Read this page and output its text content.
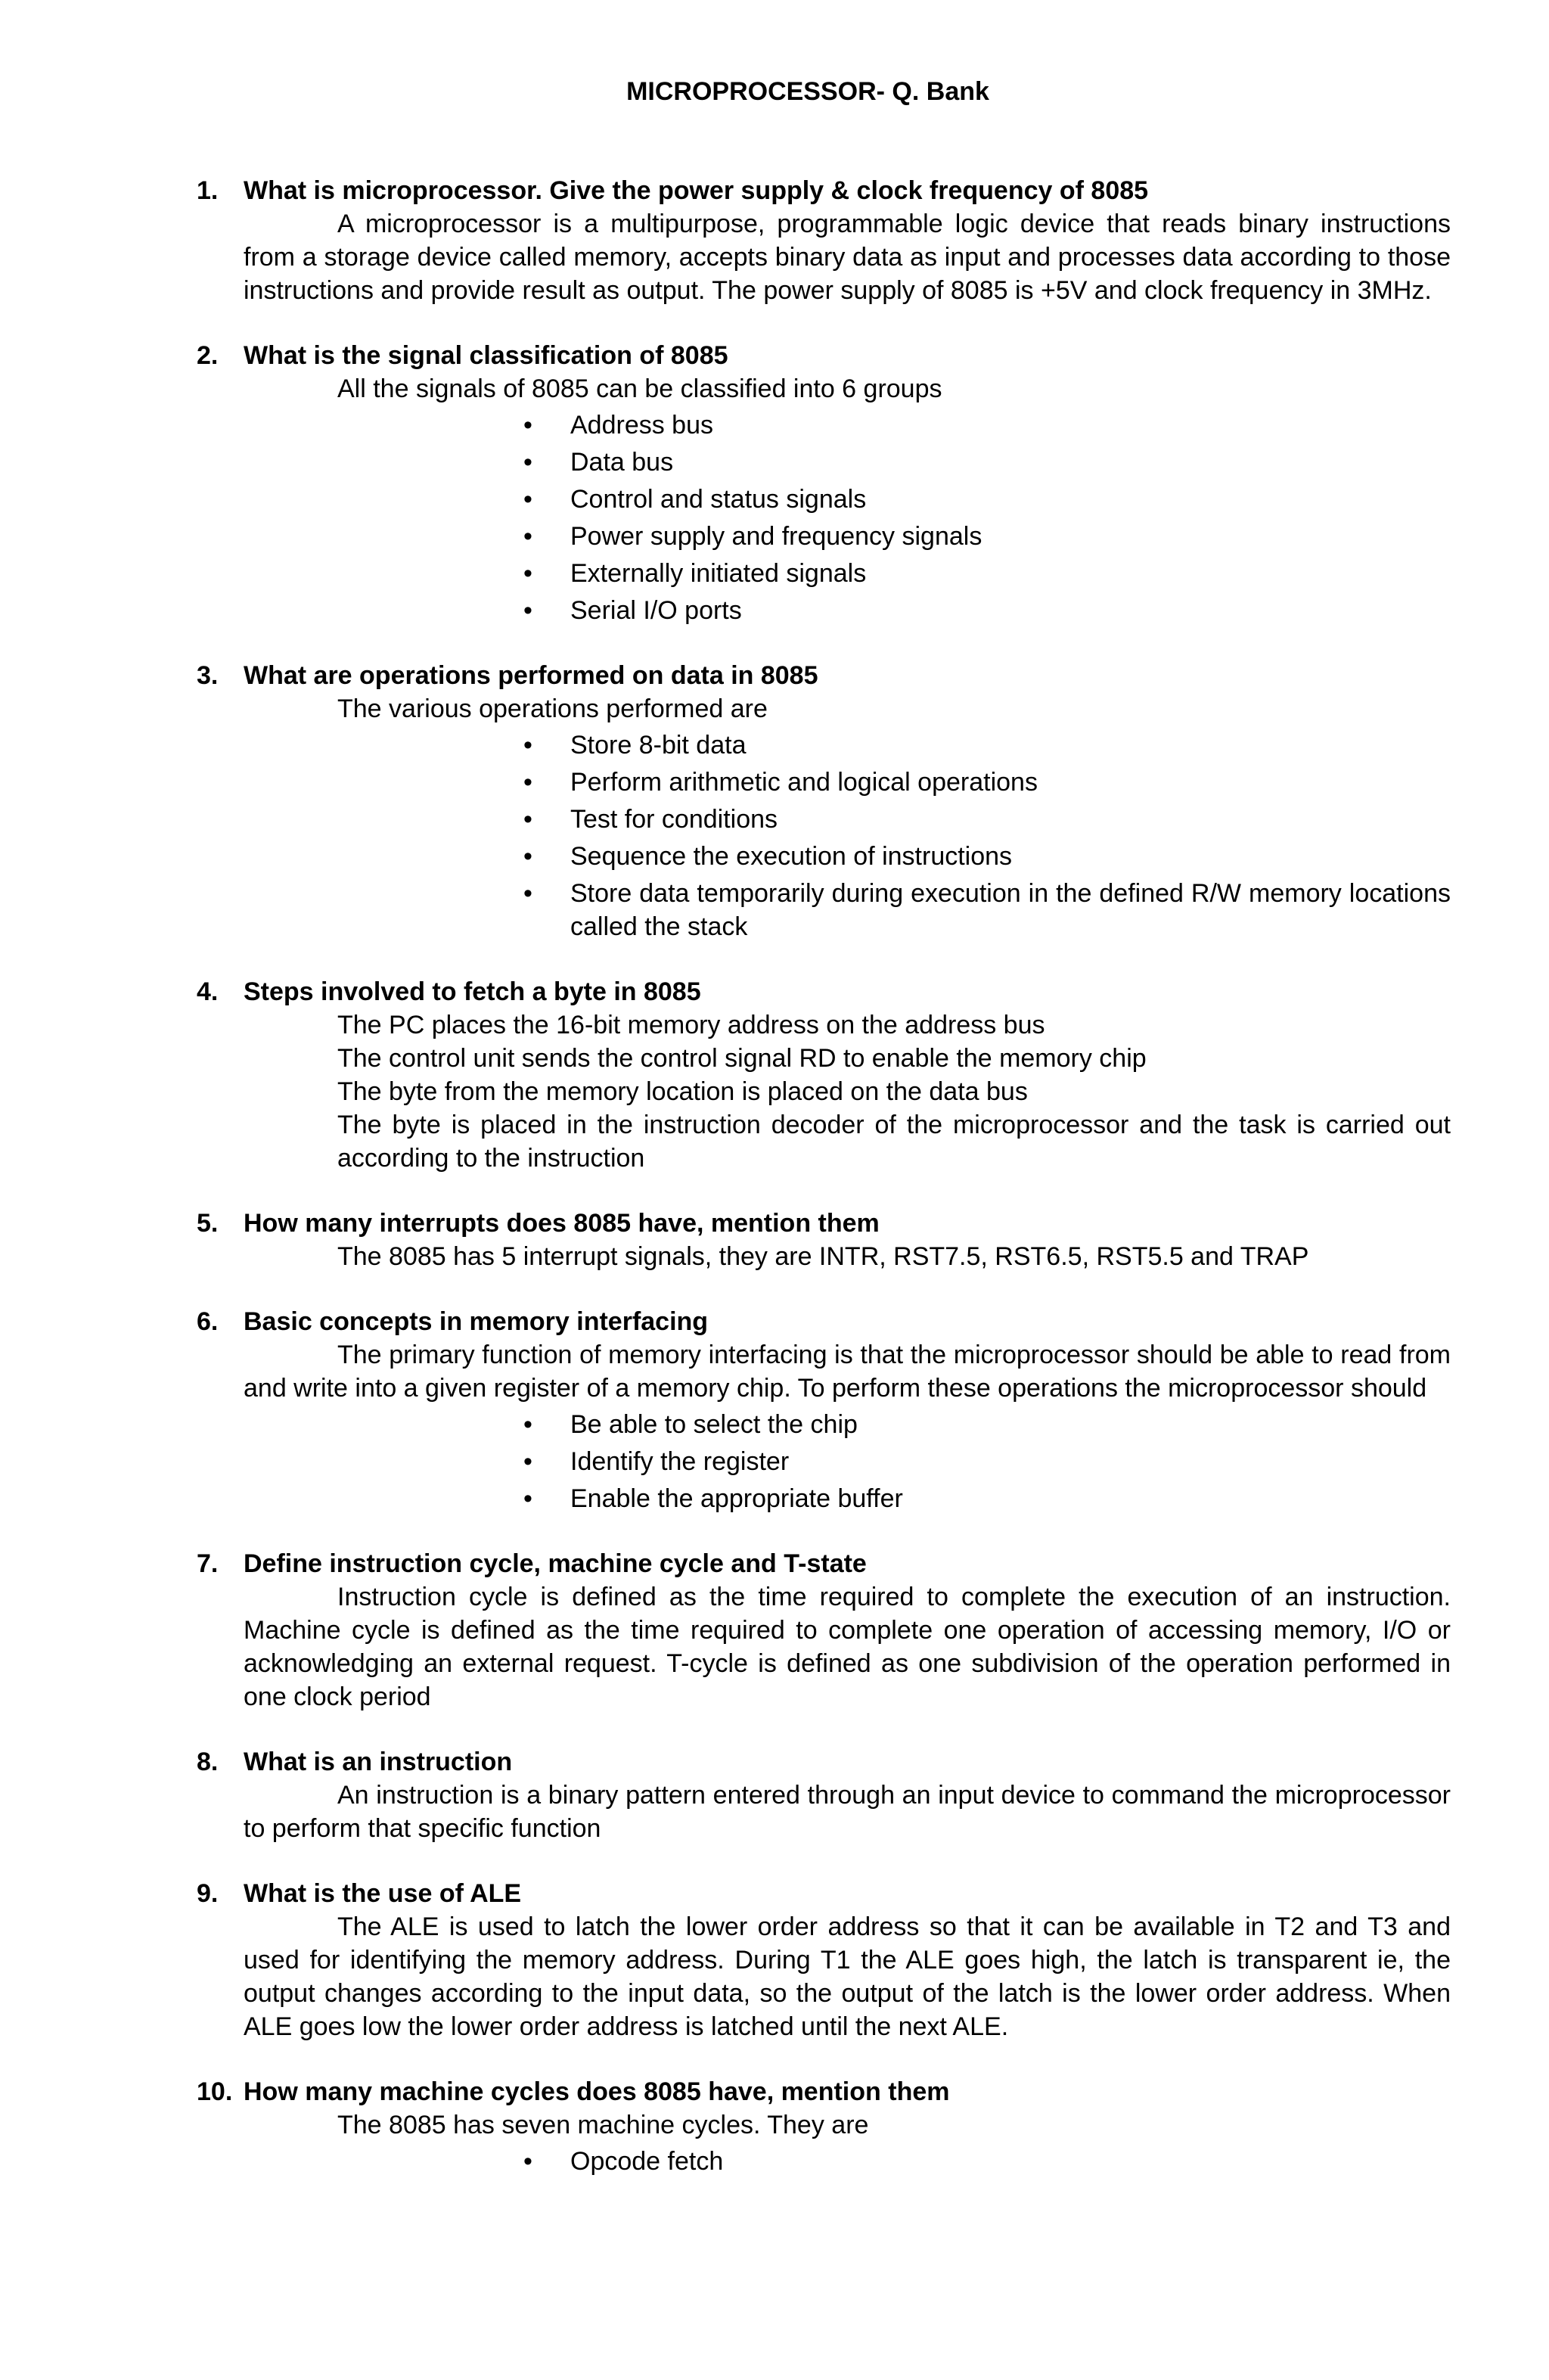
MICROPROCESSOR- Q. Bank
1. What is microprocessor. Give the power supply & clock frequency of 8085
A microprocessor is a multipurpose, programmable logic device that reads binary instructions from a storage device called memory, accepts binary data as input and processes data according to those instructions and provide result as output. The power supply of 8085 is +5V and clock frequency in 3MHz.
2. What is the signal classification of 8085
All the signals of 8085 can be classified into 6 groups
• Address bus
• Data bus
• Control and status signals
• Power supply and frequency signals
• Externally initiated signals
• Serial I/O ports
3. What are operations performed on data in 8085
The various operations performed are
• Store 8-bit data
• Perform arithmetic and logical operations
• Test for conditions
• Sequence the execution of instructions
• Store data temporarily during execution in the defined R/W memory locations called the stack
4. Steps involved to fetch a byte in 8085
The PC places the 16-bit memory address on the address bus
The control unit sends the control signal RD to enable the memory chip
The byte from the memory location is placed on the data bus
The byte is placed in the instruction decoder of the microprocessor and the task is carried out according to the instruction
5. How many interrupts does 8085 have, mention them
The 8085 has 5 interrupt signals, they are INTR, RST7.5, RST6.5, RST5.5 and TRAP
6. Basic concepts in memory interfacing
The primary function of memory interfacing is that the microprocessor should be able to read from and write into a given register of a memory chip. To perform these operations the microprocessor should
• Be able to select the chip
• Identify the register
• Enable the appropriate buffer
7. Define instruction cycle, machine cycle and T-state
Instruction cycle is defined as the time required to complete the execution of an instruction. Machine cycle is defined as the time required to complete one operation of accessing memory, I/O or acknowledging an external request. T-cycle is defined as one subdivision of the operation performed in one clock period
8. What is an instruction
An instruction is a binary pattern entered through an input device to command the microprocessor to perform that specific function
9. What is the use of ALE
The ALE is used to latch the lower order address so that it can be available in T2 and T3 and used for identifying the memory address. During T1 the ALE goes high, the latch is transparent ie, the output changes according to the input data, so the output of the latch is the lower order address. When ALE goes low the lower order address is latched until the next ALE.
10. How many machine cycles does 8085 have, mention them
The 8085 has seven machine cycles. They are
• Opcode fetch
